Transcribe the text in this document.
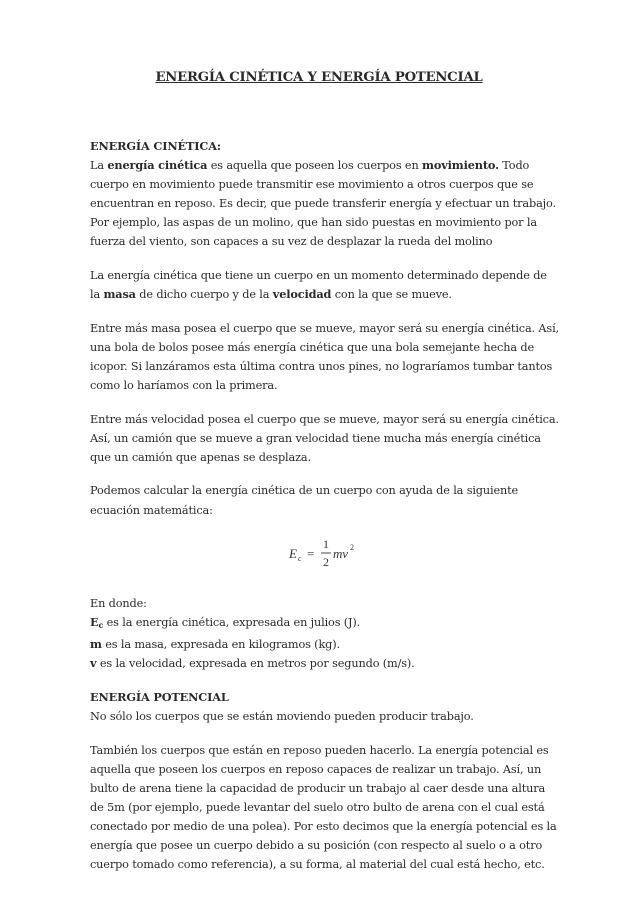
ENERGÍA CINÉTICA Y ENERGÍA POTENCIAL
ENERGÍA CINÉTICA:

La energía cinética es aquella que poseen los cuerpos en movimiento. Todo cuerpo en movimiento puede transmitir ese movimiento a otros cuerpos que se encuentran en reposo. Es decir, que puede transferir energía y efectuar un trabajo. Por ejemplo, las aspas de un molino, que han sido puestas en movimiento por la fuerza del viento, son capaces a su vez de desplazar la rueda del molino

La energía cinética que tiene un cuerpo en un momento determinado depende de la masa de dicho cuerpo y de la velocidad con la que se mueve.

Entre más masa posea el cuerpo que se mueve, mayor será su energía cinética. Así, una bola de bolos posee más energía cinética que una bola semejante hecha de icopor. Si lanzáramos esta última contra unos pines, no lograríamos tumbar tantos como lo haríamos con la primera.

Entre más velocidad posea el cuerpo que se mueve, mayor será su energía cinética. Así, un camión que se mueve a gran velocidad tiene mucha más energía cinética que un camión que apenas se desplaza.

Podemos calcular la energía cinética de un cuerpo con ayuda de la siguiente ecuación matemática:

E c =
1
2
mv 2
En donde:
$E_c$ es la energía cinética, expresada en julios (J).
m es la masa, expresada en kilogramos (kg).

v es la velocidad, expresada en metros por segundo (m/s).

ENERGÍA POTENCIAL

No sólo los cuerpos que se están moviendo pueden producir trabajo.

También los cuerpos que están en reposo pueden hacerlo. La energía potencial es aquella que poseen los cuerpos en reposo capaces de realizar un trabajo. Así, un bulto de arena tiene la capacidad de producir un trabajo al caer desde una altura de 5m (por ejemplo, puede levantar del suelo otro bulto de arena con el cual está conectado por medio de una polea). Por esto decimos que la energía potencial es la energía que posee un cuerpo debido a su posición (con respecto al suelo o a otro cuerpo tomado como referencia), a su forma, al material del cual está hecho, etc.
